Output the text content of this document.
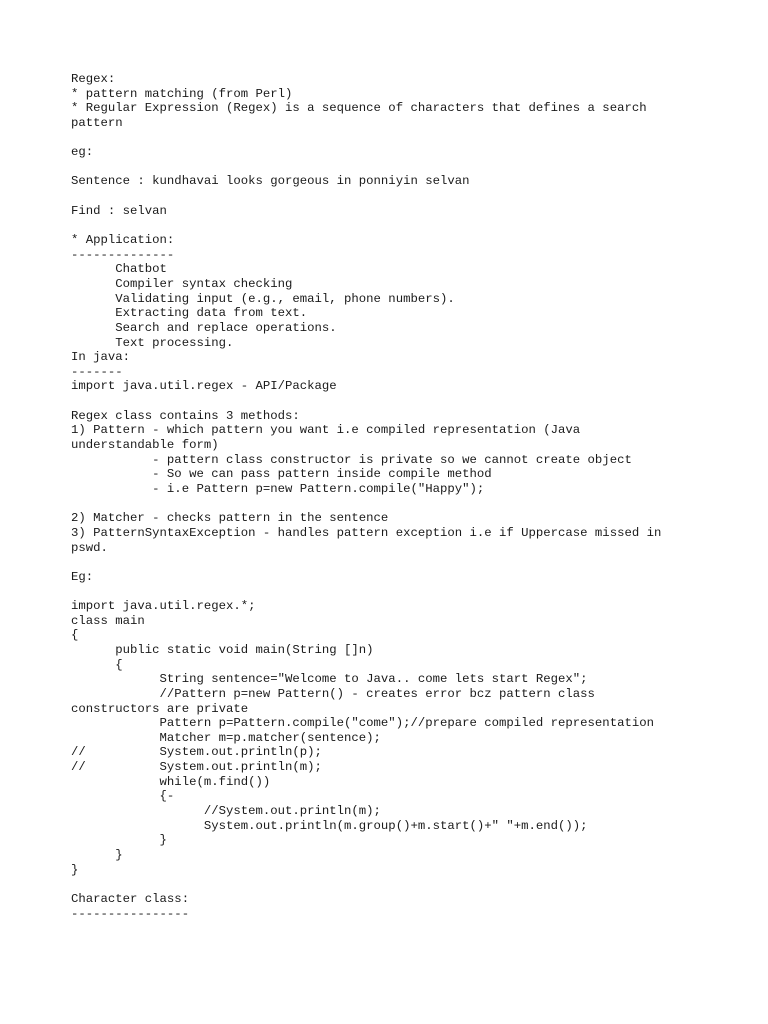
Regex:
* pattern matching (from Perl)
* Regular Expression (Regex) is a sequence of characters that defines a search
pattern
eg:
Sentence : kundhavai looks gorgeous in ponniyin selvan
Find : selvan
* Application:
--------------
Chatbot
Compiler syntax checking
Validating input (e.g., email, phone numbers).
Extracting data from text.
Search and replace operations.
Text processing.
In java:
-------
import java.util.regex - API/Package
Regex class contains 3 methods:
1) Pattern - which pattern you want i.e compiled representation (Java
understandable form)
- pattern class constructor is private so we cannot create object
- So we can pass pattern inside compile method
- i.e Pattern p=new Pattern.compile("Happy");
2) Matcher - checks pattern in the sentence
3) PatternSyntaxException - handles pattern exception i.e if Uppercase missed in
pswd.
Eg:
import java.util.regex.*;
class main
{
public static void main(String []n)
{
String sentence="Welcome to Java.. come lets start Regex";
//Pattern p=new Pattern() - creates error bcz pattern class
constructors are private
Pattern p=Pattern.compile("come");//prepare compiled representation
Matcher m=p.matcher(sentence);
//          System.out.println(p);
//          System.out.println(m);
while(m.find())
{-
//System.out.println(m);
System.out.println(m.group()+m.start()+" "+m.end());
}
}
}
Character class:
----------------
